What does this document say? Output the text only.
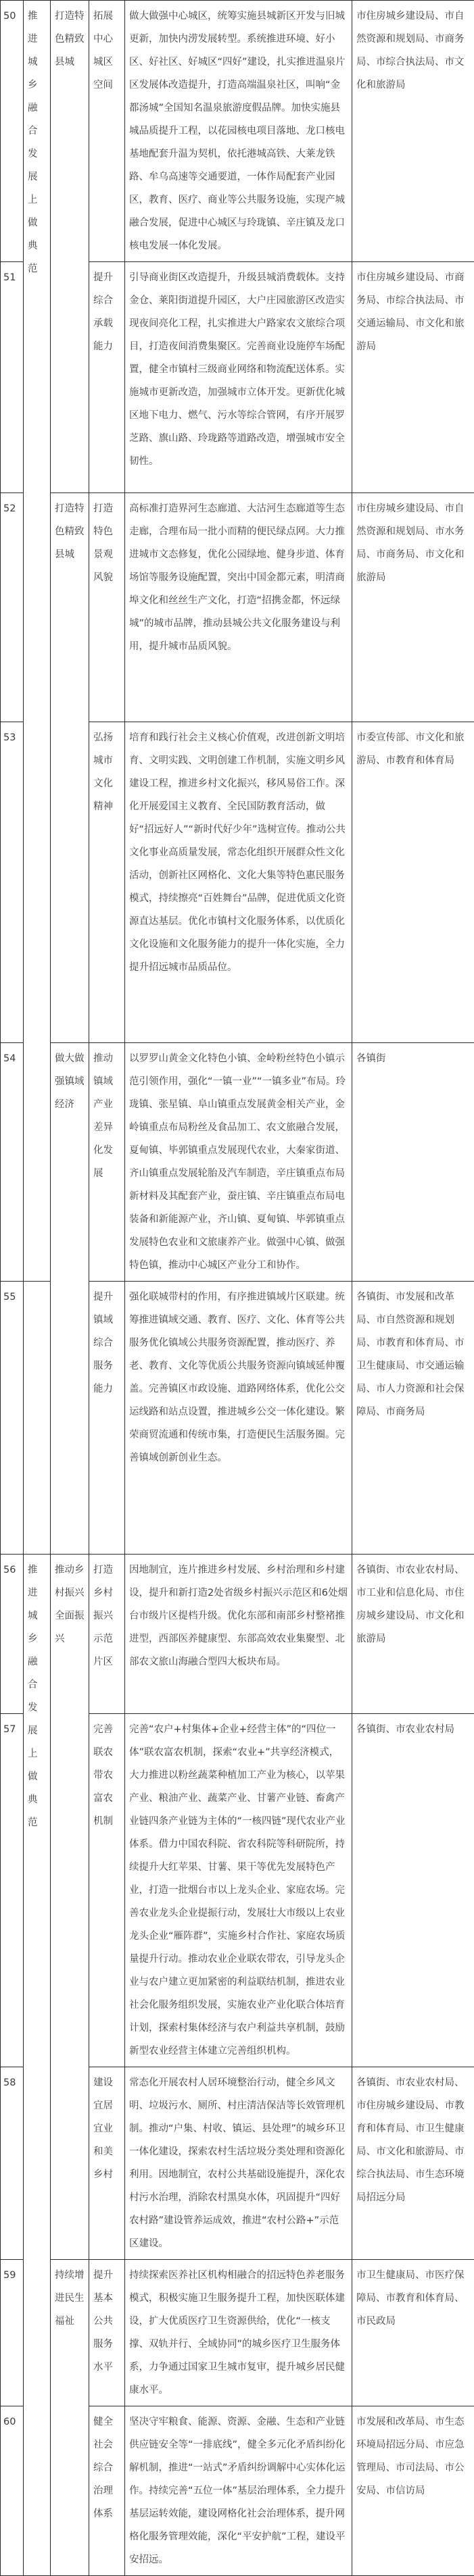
50	推进城乡融合发展上做典范	打造特色精致县城	拓展中心城区空间	做大做强中心城区，统筹实施县城新区开发与旧城更新，加快内涝发展转型。系统推进环境、好小区、好社区、好城区“四好”建设，扎实推进温泉片区发展体改造提升，打造高端温泉社区，叫响“金都汤城”全国知名温泉旅游度假品牌。加快实施县城品质提升工程，以花园核电项目落地、龙口核电基地配套升温为契机，依托港城高铁、大莱龙铁路、牟乌高速等交通要道，一体作局配套产业园区，教育、医疗、商业等公共服务设施，实现产城融合发展，促进中心城区与玲珑镇、辛庄镇及龙口核电发展一体化发展。	市住房城乡建设局、市自然资源和规划局、市商务局、市综合执法局、市文化和旅游局
51			提升综合承载能力	引导商业街区改造提升，升级县城消费载体。支持金仓、莱阳街道提升园区，大户庄园旅游区改造实现夜间亮化工程，扎实推进大户路家农文旅综合项目，打造夜间消费集聚区。完善商业设施停车场配置，健全市镇村三级商业网络和物流配送体系。实施城市更新改造，加强城市立体开发。更新优化城区地下电力、燃气、污水等综合管网，有序开展罗芝路、旗山路、玲珑路等道路改造，增强城市安全韧性。	市住房城乡建设局、市商务局、市综合执法局、市交通运输局、市文化和旅游局
52		打造特色精致县城	打造特色景观风貌	高标准打造界河生态廊道、大沽河生态廊道等生态走廊，合理布局一批小而精的便民绿点网。大力推进城市文态修复，优化公园绿地、健身步道、体育场馆等服务设施配置，突出中国金都元素，明清商埠文化和丝丝生产文化，打造“招携金都，怀远绿城”的城市品牌，推动县城公共文化服务建设与利用，提升城市品质风貌。	市住房城乡建设局、市自然资源和规划局、市水务局、市商务局、市文化和旅游局
53			弘扬城市文化精神	培育和践行社会主义核心价值观，改进创新文明培育、文明实践、文明创建工作机制，实施文明乡风建设工程，推进乡村文化振兴，移风易俗工作。深化开展爱国主义教育、全民国防教育活动，做好“招远好人”“新时代好少年”选树宣传。推动公共文化事业高质量发展，常态化组织开展群众性文化活动，创新社区网格化、文化大集等特色惠民服务模式，持续擦亮“百姓舞台”品牌，促进优质文化资源直达基层。优化市镇村文化服务体系，以优质化文化设施和文化服务能力的提升一体化实施，全力提升招远城市品质品位。	市委宣传部、市文化和旅游局、市教育和体育局
54		做大做强镇域经济	推动镇域产业差异化发展	以罗罗山黄金文化特色小镇、金岭粉丝特色小镇示范引领作用，强化“一镇一业”“一镇多业”布局。玲珑镇、张星镇、阜山镇重点发展黄金相关产业，金岭镇重点布局粉丝及食品加工、农文旅融合发展，夏甸镇、毕郭镇重点发展现代农业，大秦家街道、齐山镇重点发展轮胎及汽车制造，辛庄镇重点布局新材料及其配套产业，蚕庄镇、辛庄镇重点布局电装备和新能源产业，齐山镇、夏甸镇、毕郭镇重点发展特色农业和文旅康养产业。做强中心镇、做强特色镇，推动中心城区产业分工和协作。	各镇街
55			提升镇域综合服务能力	强化联城带村的作用，有序推进镇域片区联建。统筹推进镇域交通、教育、医疗、文化、体育等公共服务优化镇域公共服务资源配置，推动医疗、养老、教育、文化等优质公共服务资源向镇域延伸覆盖。完善镇区市政设施、道路网络体系，优化公交运线路和站点设置，推进城乡公交一体化建设。繁荣商贸流通和传统市集，打造便民生活服务圈。完善镇域创新创业生态。	各镇街、市发展和改革局、市自然资源和规划局、市教育和体育局、市卫生健康局、市交通运输局、市人力资源和社会保障局、市商务局
56	推进城乡融合发展上做典范	推动乡村振兴全面振兴	打造乡村振兴示范片区	因地制宜，连片推进乡村发展、乡村治理和乡村建设，提升和新打造2处省级乡村振兴示范区和6处烟台市级片区提档升级。优化东部和南部乡村整褚推进型，西部医养健康型、东部高效农业集聚型、北部农文旅山海融合型四大板块布局。	各镇街、市农业农村局、市工业和信息化局、市住房城乡建设局、市文化和旅游局
57			完善联农带农富农机制	完善“农户+村集体+企业+经营主体”的“四位一体”联农富农机制，探索“农业+”共享经济模式，大力推进以粉丝蔬菜种植加工产业为核心，以苹果产业、粮油产业、蔬菜产业、甘薯产业链、畜禽产业链四条产业链为主体的“一核四链”现代农业产业体系。借力中国农科院、省农科院等科研院所，持续提升大红苹果、甘薯、果干等优先发展特色产业，打造一批烟台市以上龙头企业、家庭农场。完善农业龙头企业提振行动，发展壮大市级以上农业龙头企业“雁阵群”，实施乡村合作社、家庭农场质量提升行动。推动农业企业联农带农，引导龙头企业与农户建立更加紧密的利益联结机制，推进农业社会化服务组织发展，实施农业产业化联合体培育计划，探索村集体经济与农户利益共享机制，鼓励新型农业经营主体建立完善组织机构。	各镇街、市农业农村局
58			建设宜居宜业和美乡村	常态化开展农村人居环境整治行动，健全乡风文明、垃圾污水、厕所、村庄清洁保洁等长效管理机制。推动“户集、村收、镇运、县处理”的城乡环卫一体化建设，探索农村生活垃圾分类处理和资源化利用。因地制宜，农村公共基础设施提升，深化农村污水治理，消除农村黑臭水体，巩固提升“四好农村路”建设管养运成效，推进“农村公路+”示范区建设。	各镇街、市农业农村局、市住房城乡建设局、市教育和体育局、市卫生健康局、市文化和旅游局、市综合执法局、市生态环境局招远分局
59		持续增进民生福祉	提升基本公共服务水平	持续探索医养社区机构相融合的招远特色养老服务模式，积极实施卫生服务提升工程，加快医联体建设，扩大优质医疗卫生资源供给，优化“一核支撑、双轨并行、全域协同”的城乡医疗卫生服务体系，力争通过国家卫生城市复审，提升城乡居民健康水平。	市卫生健康局、市医疗保障局、市教育和体育局、市民政局
60			健全社会综合治理体系	坚决守牢粮食、能源、资源、金融、生态和产业链供应链安全等“一排底线”，健全多元化矛盾纠纷化解机制，推进“一站式”矛盾纠纷调解中心实体化运作。持续完善“五位一体”基层治理体系，全力提升基层运转效能，建设网格化社会治理体系，提升网格化服务管理效能，深化“平安护航”工程，建设平安招远。	市发展和改革局、市生态环境局招远分局、市应急管理局、市司法局、市公安局、市信访局
